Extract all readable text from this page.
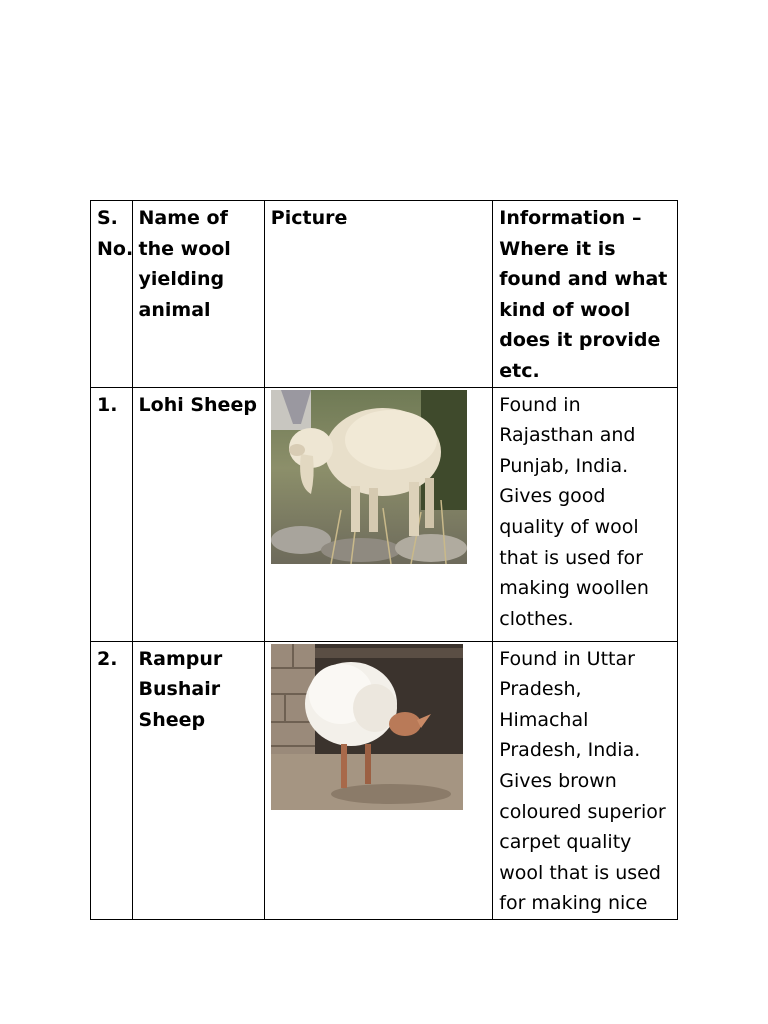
S. No.	Name of the wool yielding animal	Picture	Information – Where it is found and what kind of wool does it provide etc.
1.	Lohi Sheep		Found in Rajasthan and Punjab, India. Gives good quality of wool that is used for making woollen clothes.
2.	Rampur Bushair Sheep		Found in Uttar Pradesh, Himachal Pradesh, India. Gives brown coloured superior carpet quality wool that is used for making nice
